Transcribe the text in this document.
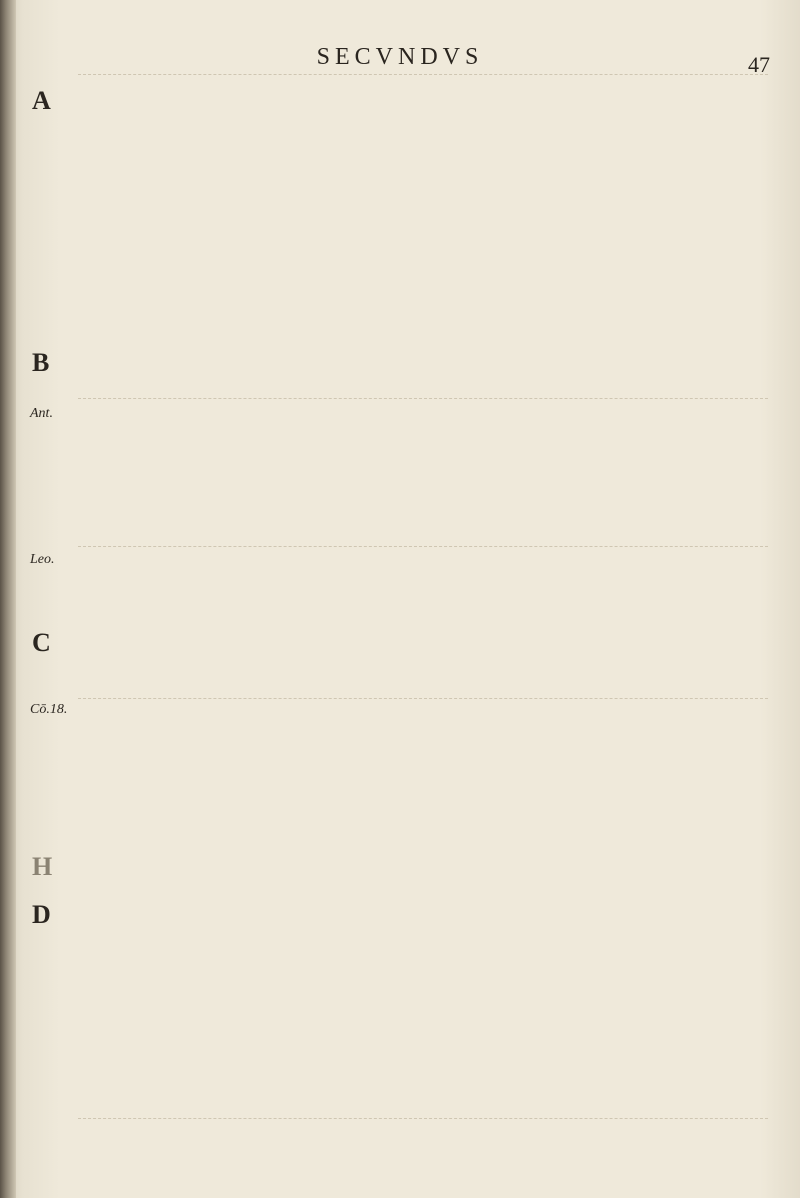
SECVNDVS	47
A
B
C
H
D
Ant.
Leo.
Cō.18.
